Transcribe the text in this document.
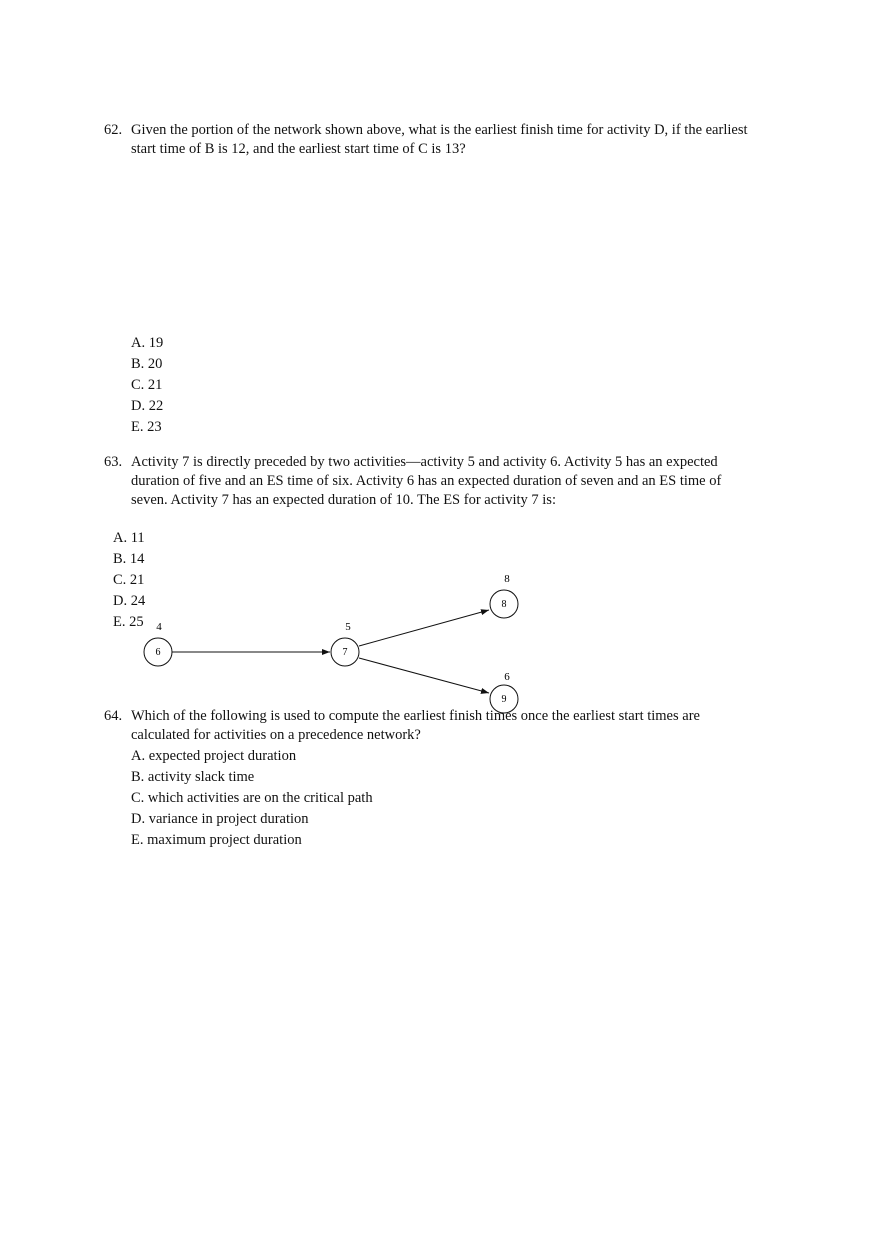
62. Given the portion of the network shown above, what is the earliest finish time for activity D, if the earliest
start time of B is 12, and the earliest start time of C is 13?
A. 19
B. 20
C. 21
D. 22
E. 23
63. Activity 7 is directly preceded by two activities—activity 5 and activity 6. Activity 5 has an expected
duration of five and an ES time of six. Activity 6 has an expected duration of seven and an ES time of
seven. Activity 7 has an expected duration of 10. The ES for activity 7 is:
A. 11
B. 14
C. 21
D. 24
E. 25
6
4
7
5
8
8
9
6
64. Which of the following is used to compute the earliest finish times once the earliest start times are
calculated for activities on a precedence network?
A. expected project duration
B. activity slack time
C. which activities are on the critical path
D. variance in project duration
E. maximum project duration
